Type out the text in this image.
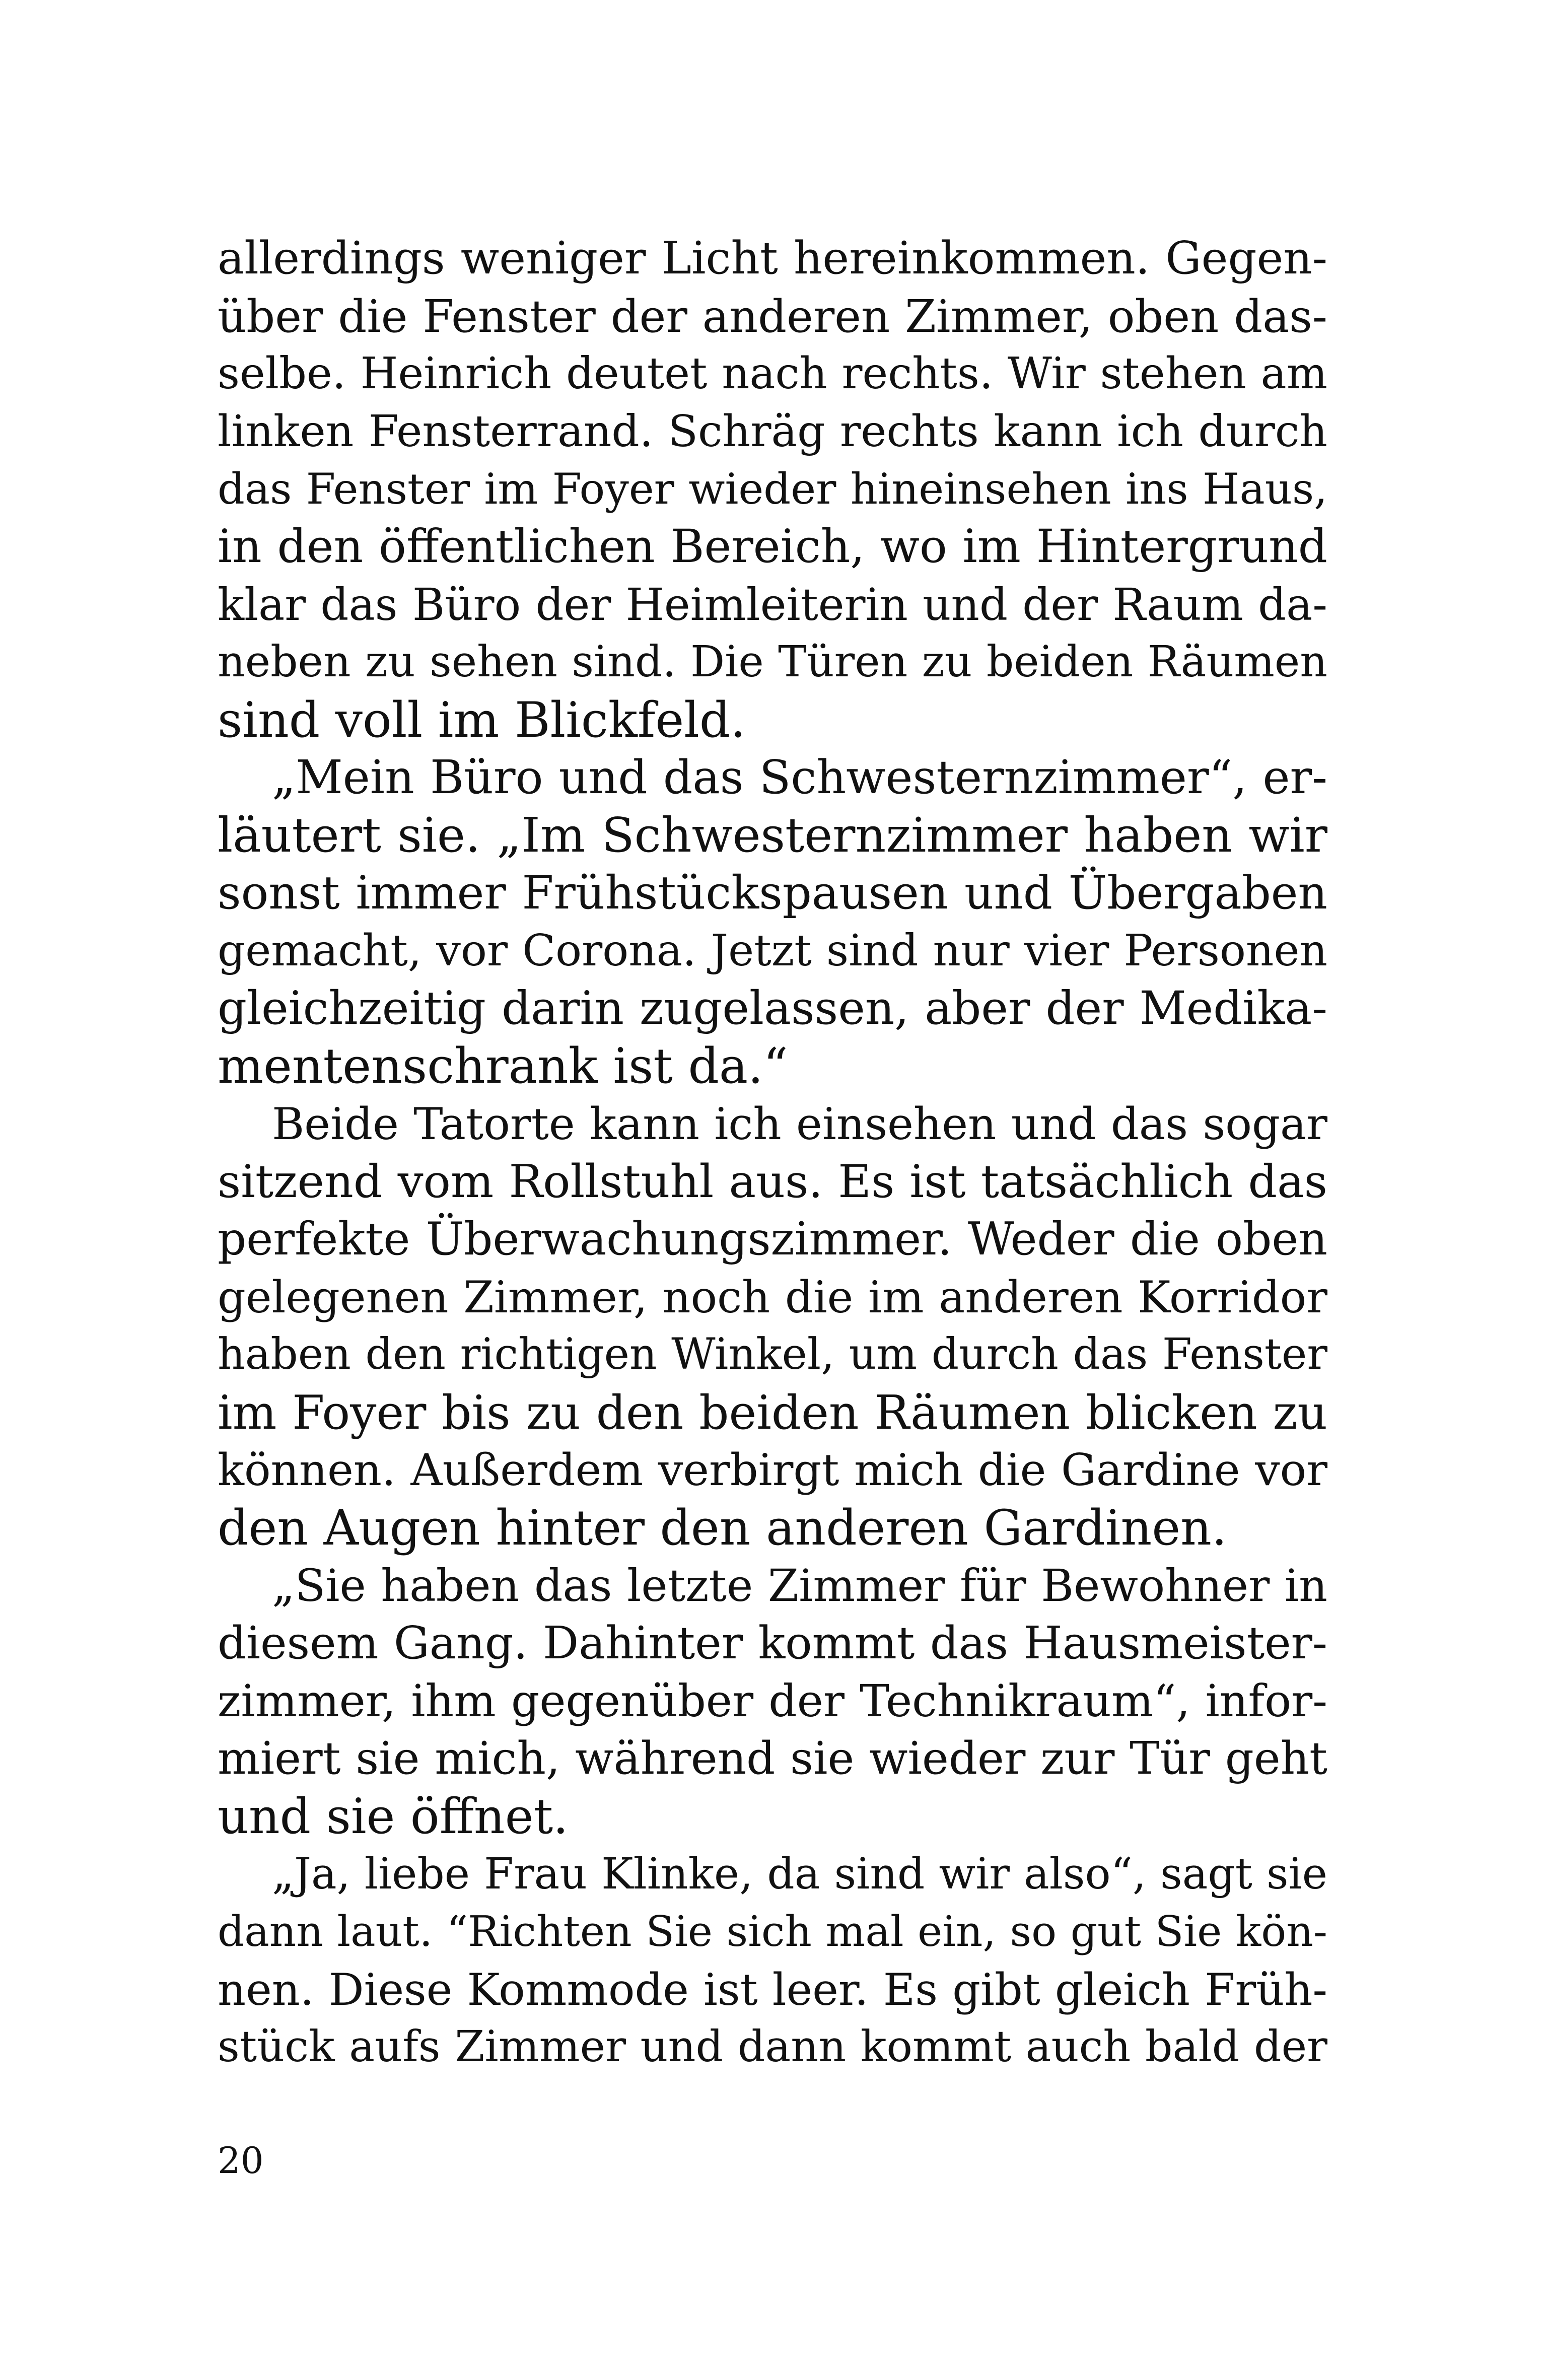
allerdings weniger Licht hereinkommen. Gegen-
über die Fenster der anderen Zimmer, oben das-
selbe. Heinrich deutet nach rechts. Wir stehen am
linken Fensterrand. Schräg rechts kann ich durch
das Fenster im Foyer wieder hineinsehen ins Haus,
in den öffentlichen Bereich, wo im Hintergrund
klar das Büro der Heimleiterin und der Raum da-
neben zu sehen sind. Die Türen zu beiden Räumen
sind voll im Blickfeld.
„Mein Büro und das Schwesternzimmer“, er-
läutert sie. „Im Schwesternzimmer haben wir
sonst immer Frühstückspausen und Übergaben
gemacht, vor Corona. Jetzt sind nur vier Personen
gleichzeitig darin zugelassen, aber der Medika-
mentenschrank ist da.“
Beide Tatorte kann ich einsehen und das sogar
sitzend vom Rollstuhl aus. Es ist tatsächlich das
perfekte Überwachungszimmer. Weder die oben
gelegenen Zimmer, noch die im anderen Korridor
haben den richtigen Winkel, um durch das Fenster
im Foyer bis zu den beiden Räumen blicken zu
können. Außerdem verbirgt mich die Gardine vor
den Augen hinter den anderen Gardinen.
„Sie haben das letzte Zimmer für Bewohner in
diesem Gang. Dahinter kommt das Hausmeister-
zimmer, ihm gegenüber der Technikraum“, infor-
miert sie mich, während sie wieder zur Tür geht
und sie öffnet.
„Ja, liebe Frau Klinke, da sind wir also“, sagt sie
dann laut. “Richten Sie sich mal ein, so gut Sie kön-
nen. Diese Kommode ist leer. Es gibt gleich Früh-
stück aufs Zimmer und dann kommt auch bald der
20
